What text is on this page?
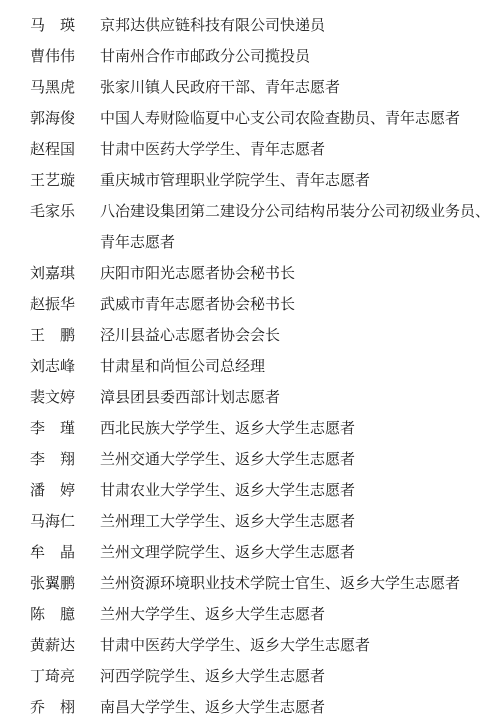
马　瑛	京邦达供应链科技有限公司快递员
曹伟伟	甘南州合作市邮政分公司揽投员
马黑虎	张家川镇人民政府干部、青年志愿者
郭海俊	中国人寿财险临夏中心支公司农险查勘员、青年志愿者
赵程国	甘肃中医药大学学生、青年志愿者
王艺璇	重庆城市管理职业学院学生、青年志愿者
毛家乐	八冶建设集团第二建设分公司结构吊装分公司初级业务员、青年志愿者
刘嘉琪	庆阳市阳光志愿者协会秘书长
赵振华	武威市青年志愿者协会秘书长
王　鹏	泾川县益心志愿者协会会长
刘志峰	甘肃星和尚恒公司总经理
裴文婷	漳县团县委西部计划志愿者
李　瑾	西北民族大学学生、返乡大学生志愿者
李　翔	兰州交通大学学生、返乡大学生志愿者
潘　婷	甘肃农业大学学生、返乡大学生志愿者
马海仁	兰州理工大学学生、返乡大学生志愿者
牟　晶	兰州文理学院学生、返乡大学生志愿者
张翼鹏	兰州资源环境职业技术学院士官生、返乡大学生志愿者
陈　臆	兰州大学学生、返乡大学生志愿者
黄薪达	甘肃中医药大学学生、返乡大学生志愿者
丁琦亮	河西学院学生、返乡大学生志愿者
乔　栩	南昌大学学生、返乡大学生志愿者
